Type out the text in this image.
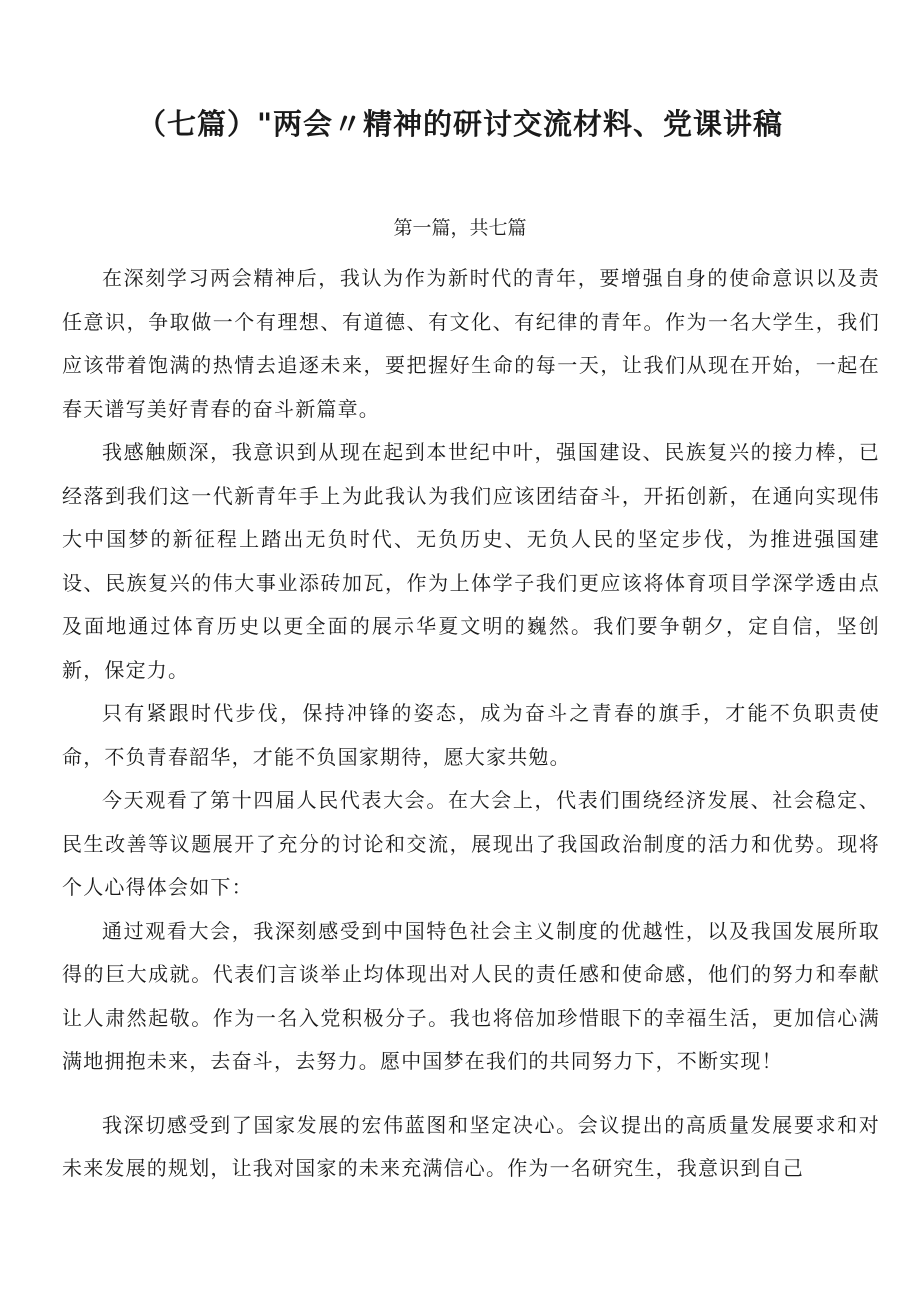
（七篇）"两会〃精神的研讨交流材料、党课讲稿

第一篇，共七篇

在深刻学习两会精神后，我认为作为新时代的青年，要增强自身的使命意识以及责任意识，争取做一个有理想、有道德、有文化、有纪律的青年。作为一名大学生，我们应该带着饱满的热情去追逐未来，要把握好生命的每一天，让我们从现在开始，一起在春天谱写美好青春的奋斗新篇章。

我感触颇深，我意识到从现在起到本世纪中叶，强国建设、民族复兴的接力棒，已经落到我们这一代新青年手上为此我认为我们应该团结奋斗，开拓创新，在通向实现伟大中国梦的新征程上踏出无负时代、无负历史、无负人民的坚定步伐，为推进强国建设、民族复兴的伟大事业添砖加瓦，作为上体学子我们更应该将体育项目学深学透由点及面地通过体育历史以更全面的展示华夏文明的巍然。我们要争朝夕，定自信，坚创新，保定力。

只有紧跟时代步伐，保持冲锋的姿态，成为奋斗之青春的旗手，才能不负职责使命，不负青春韶华，才能不负国家期待，愿大家共勉。

今天观看了第十四届人民代表大会。在大会上，代表们围绕经济发展、社会稳定、民生改善等议题展开了充分的讨论和交流，展现出了我国政治制度的活力和优势。现将个人心得体会如下：

通过观看大会，我深刻感受到中国特色社会主义制度的优越性，以及我国发展所取得的巨大成就。代表们言谈举止均体现出对人民的责任感和使命感，他们的努力和奉献让人肃然起敬。作为一名入党积极分子。我也将倍加珍惜眼下的幸福生活，更加信心满满地拥抱未来，去奋斗，去努力。愿中国梦在我们的共同努力下，不断实现！

我深切感受到了国家发展的宏伟蓝图和坚定决心。会议提出的高质量发展要求和对未来发展的规划，让我对国家的未来充满信心。作为一名研究生，我意识到自己
